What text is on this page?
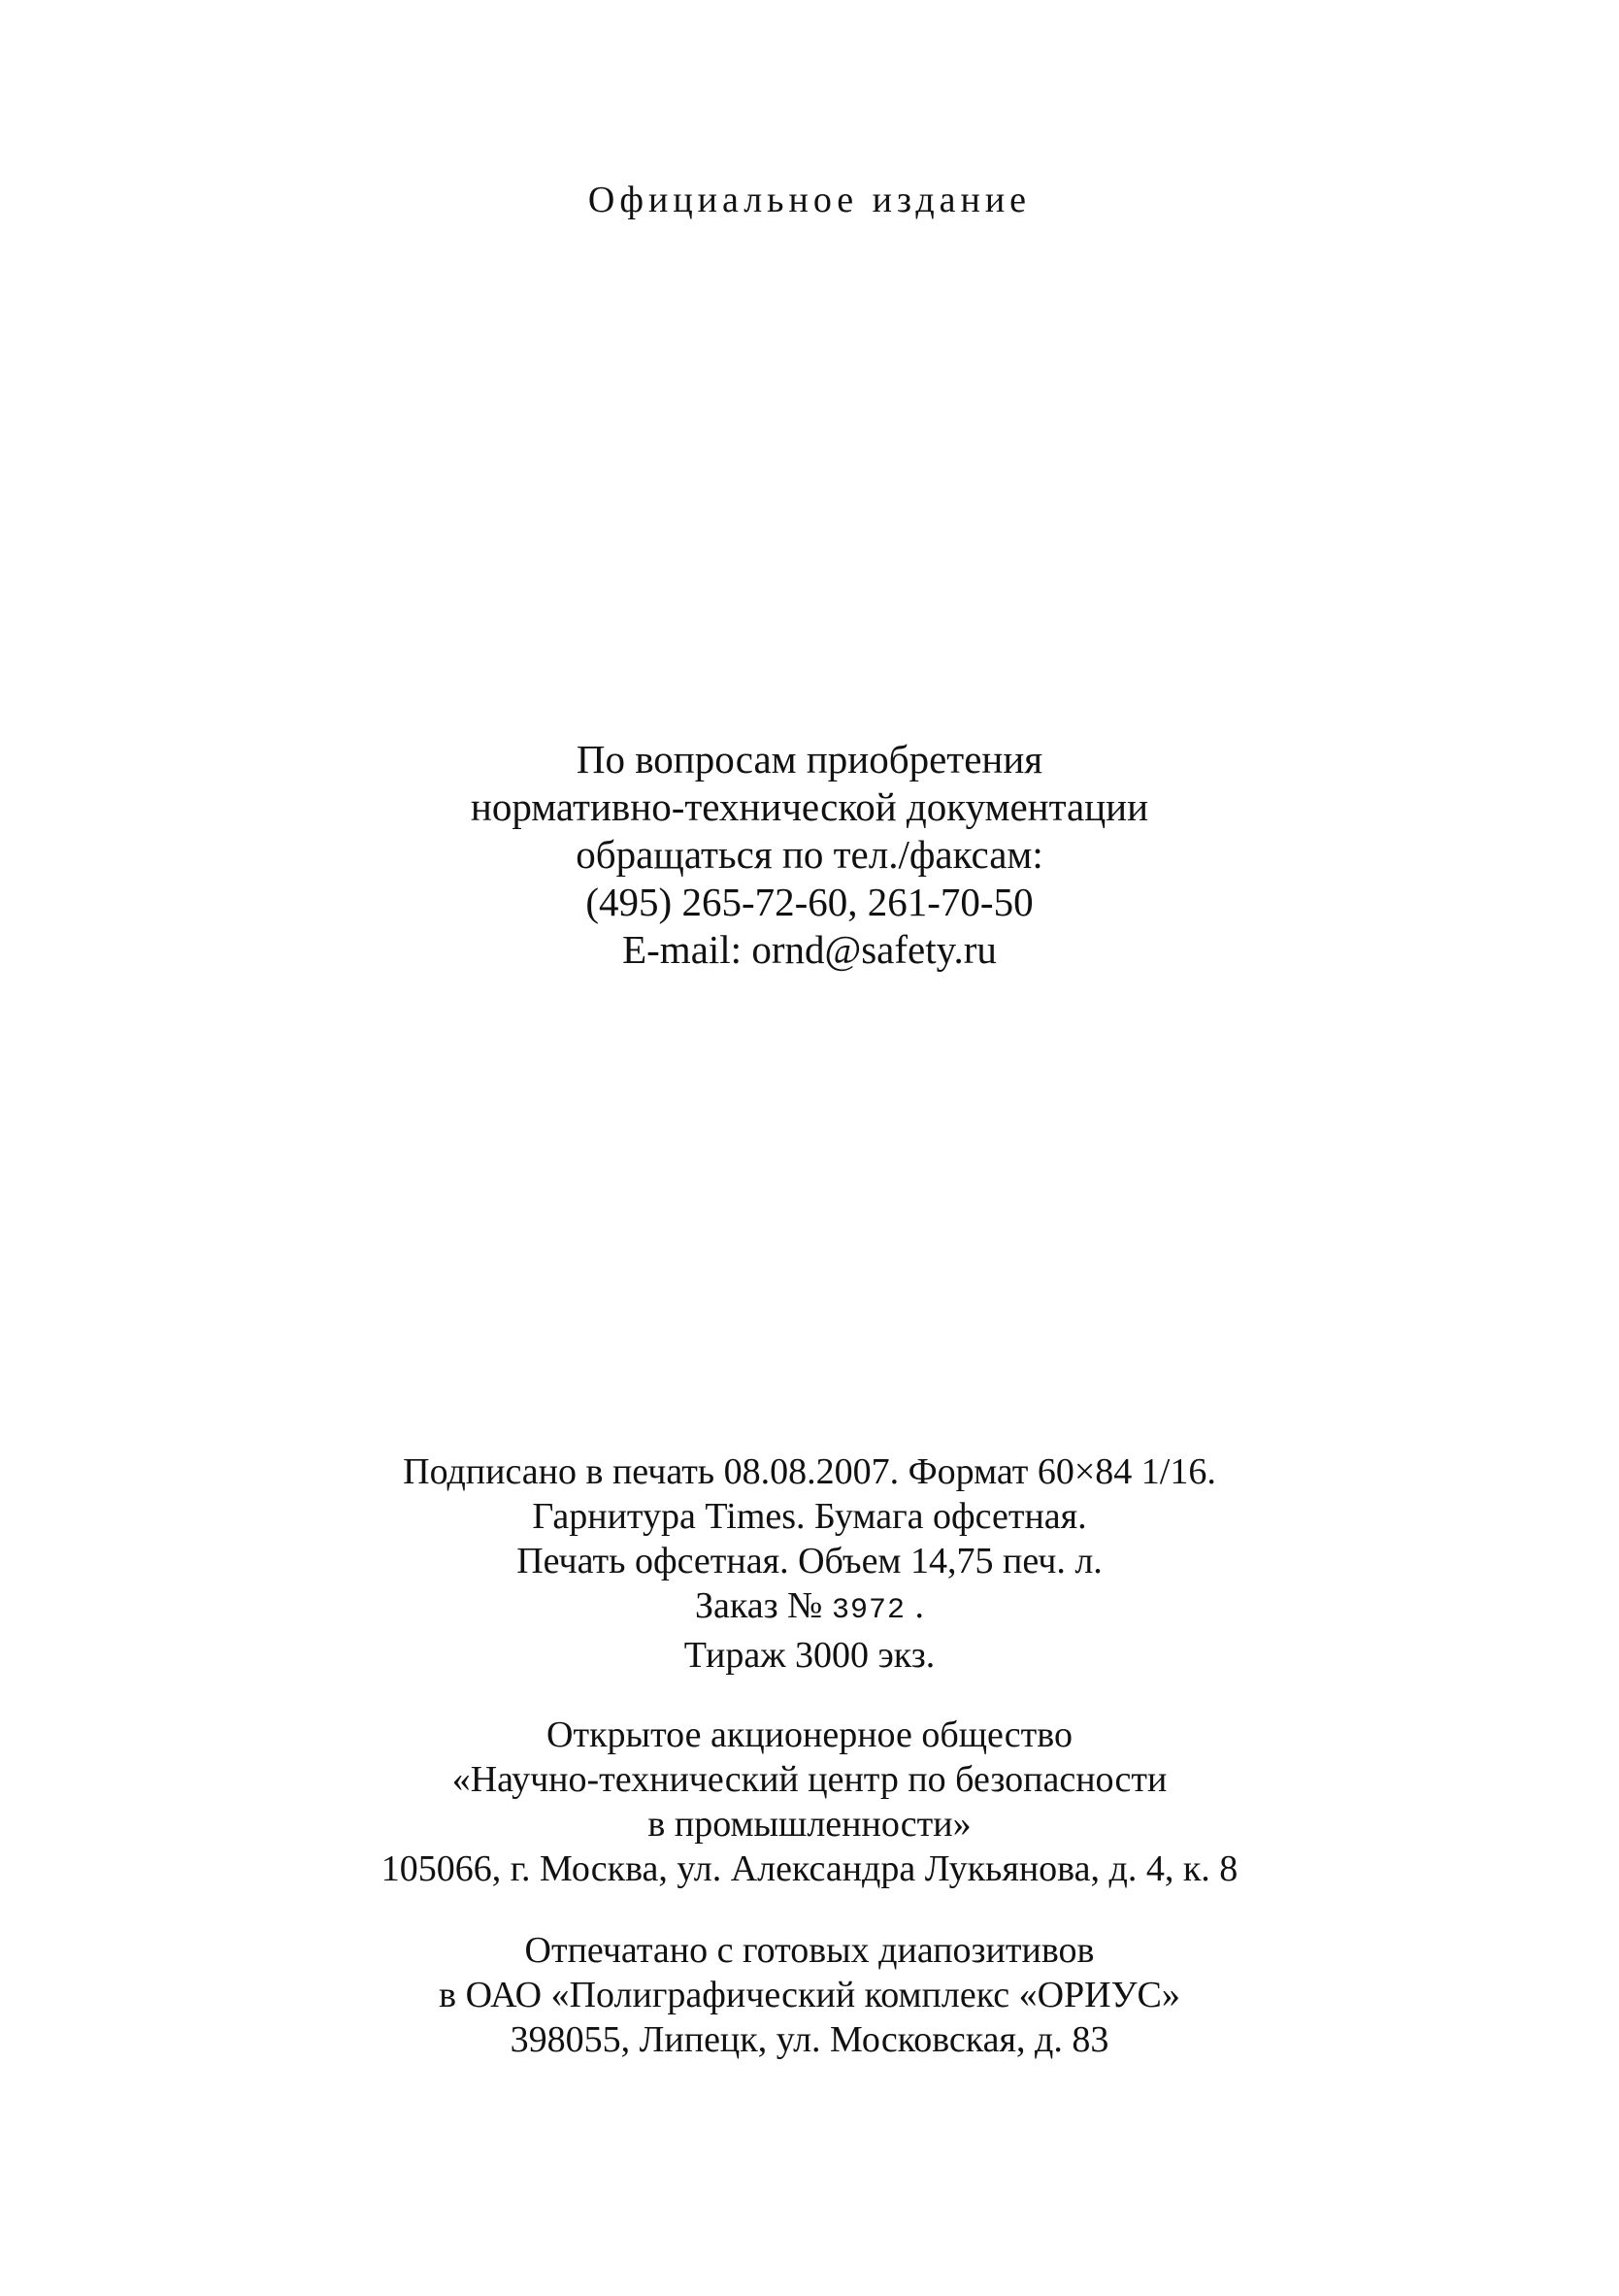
Официальное издание
По вопросам приобретения
нормативно-технической документации
обращаться по тел./факсам:
(495) 265-72-60, 261-70-50
E-mail: ornd@safety.ru
Подписано в печать 08.08.2007. Формат 60×84 1/16.
Гарнитура Times. Бумага офсетная.
Печать офсетная. Объем 14,75 печ. л.
Заказ № 3972 .
Тираж 3000 экз.
Открытое акционерное общество
«Научно-технический центр по безопасности
в промышленности»
105066, г. Москва, ул. Александра Лукьянова, д. 4, к. 8
Отпечатано с готовых диапозитивов
в ОАО «Полиграфический комплекс «ОРИУС»
398055, Липецк, ул. Московская, д. 83
